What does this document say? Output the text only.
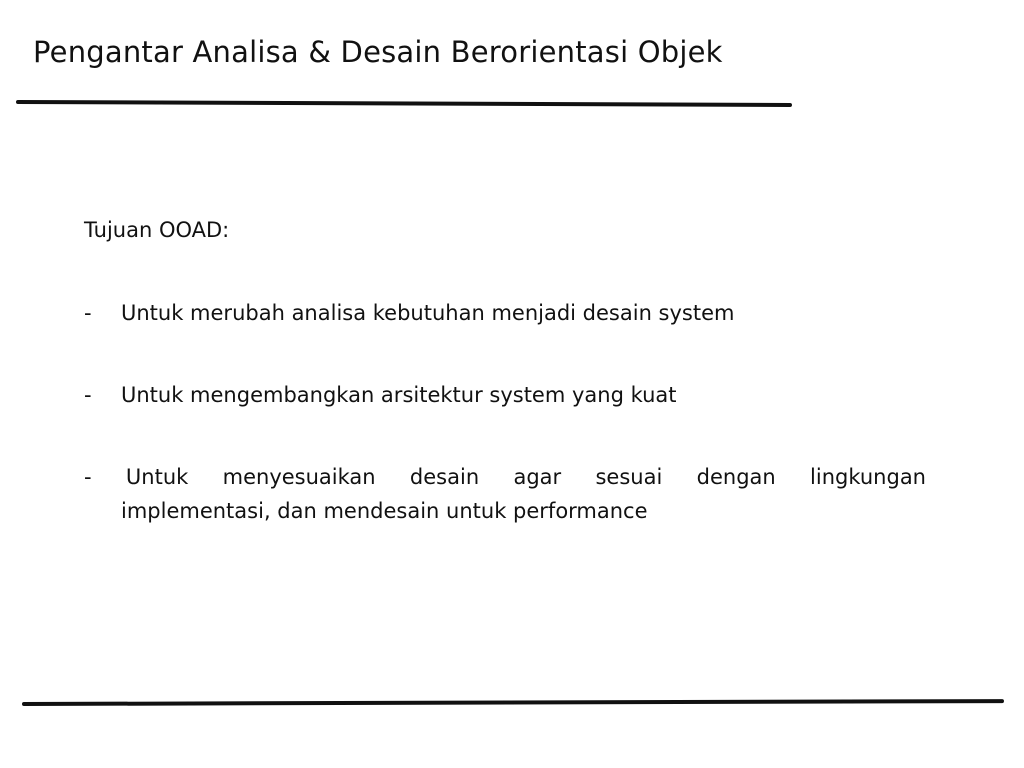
Pengantar Analisa & Desain Berorientasi Objek
Tujuan OOAD:
- Untuk merubah analisa kebutuhan menjadi desain system
- Untuk mengembangkan arsitektur system yang kuat
- Untuk menyesuaikan desain agar sesuai dengan lingkungan
implementasi, dan mendesain untuk performance
